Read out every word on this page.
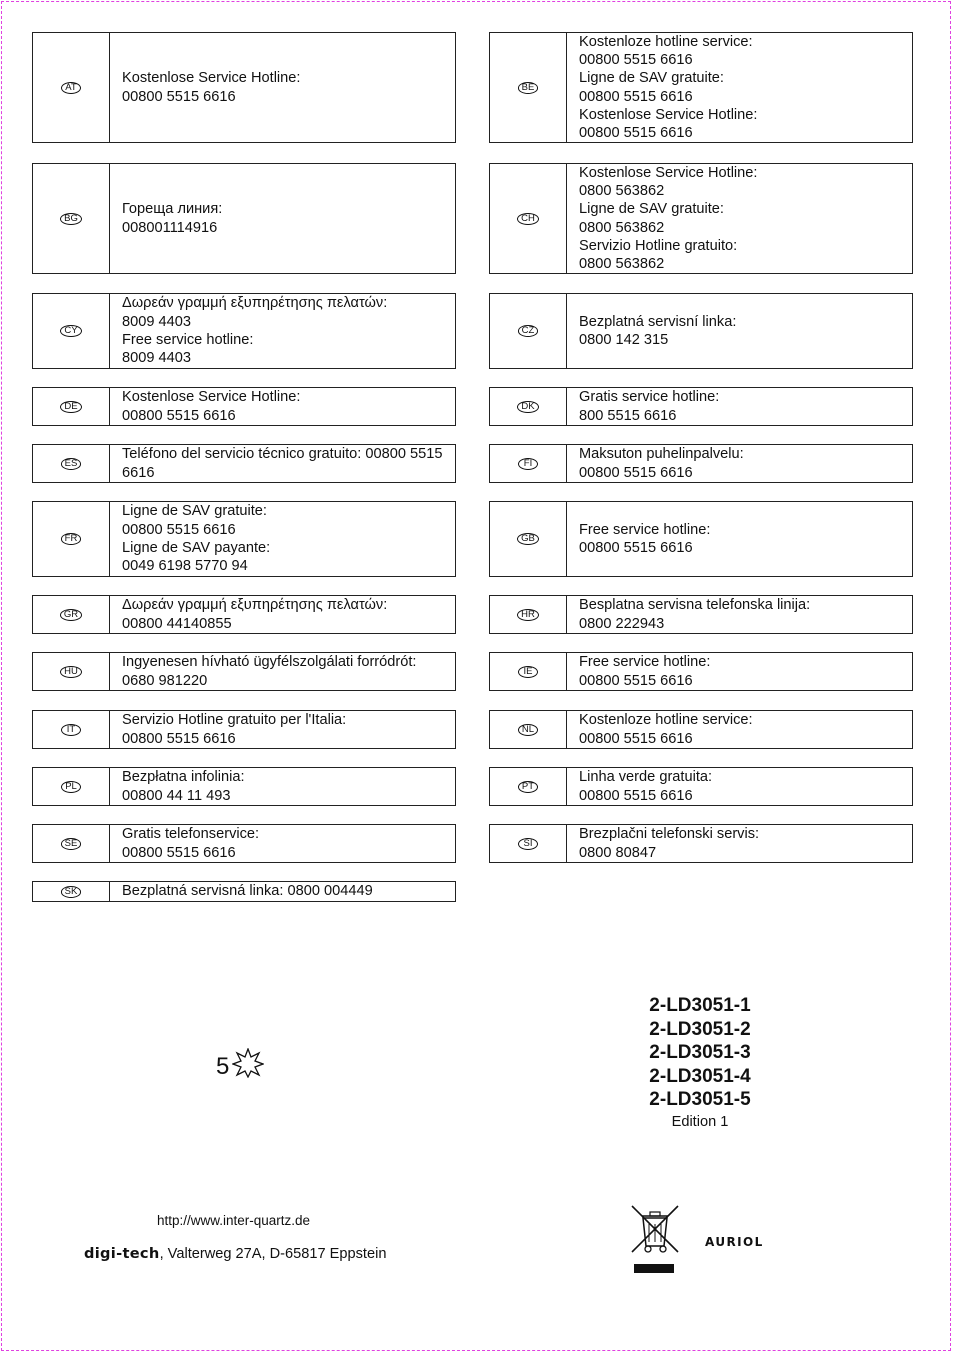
AT
Kostenlose Service Hotline:
00800 5515 6616
BE
Kostenloze hotline service:
00800 5515 6616
Ligne de SAV gratuite:
00800 5515 6616
Kostenlose Service Hotline:
00800 5515 6616
BG
Гореща линия:
008001114916
CH
Kostenlose Service Hotline:
0800 563862
Ligne de SAV gratuite:
0800 563862
Servizio Hotline gratuito:
0800 563862
CY
Δωρεάν γραμμή εξυπηρέτησης πελατών:
8009 4403
Free service hotline:
8009 4403
CZ
Bezplatná servisní linka:
0800 142 315
DE
Kostenlose Service Hotline:
00800 5515 6616
DK
Gratis service hotline:
800 5515 6616
ES
Teléfono del servicio técnico gratuito: 00800 5515 6616
FI
Maksuton puhelinpalvelu:
00800 5515 6616
FR
Ligne de SAV gratuite:
00800 5515 6616
Ligne de SAV payante:
0049 6198 5770 94
GB
Free service hotline:
00800 5515 6616
GR
Δωρεάν γραμμή εξυπηρέτησης πελατών:
00800 44140855
HR
Besplatna servisna telefonska linija:
0800 222943
HU
Ingyenesen hívható ügyfélszolgálati forródrót:
0680 981220
IE
Free service hotline:
00800 5515 6616
IT
Servizio Hotline gratuito per l'Italia:
00800 5515 6616
NL
Kostenloze hotline service:
00800 5515 6616
PL
Bezpłatna infolinia:
00800 44 11 493
PT
Linha verde gratuita:
00800 5515 6616
SE
Gratis telefonservice:
00800 5515 6616
SI
Brezplačni telefonski servis:
0800 80847
SK	Bezplatná servisná linka: 0800 004449
2-LD3051-1
2-LD3051-2
2-LD3051-3
2-LD3051-4
2-LD3051-5
Edition 1
5
http://www.inter-quartz.de
digi-tech, Valterweg 27A, D-65817 Eppstein
AURIOL
